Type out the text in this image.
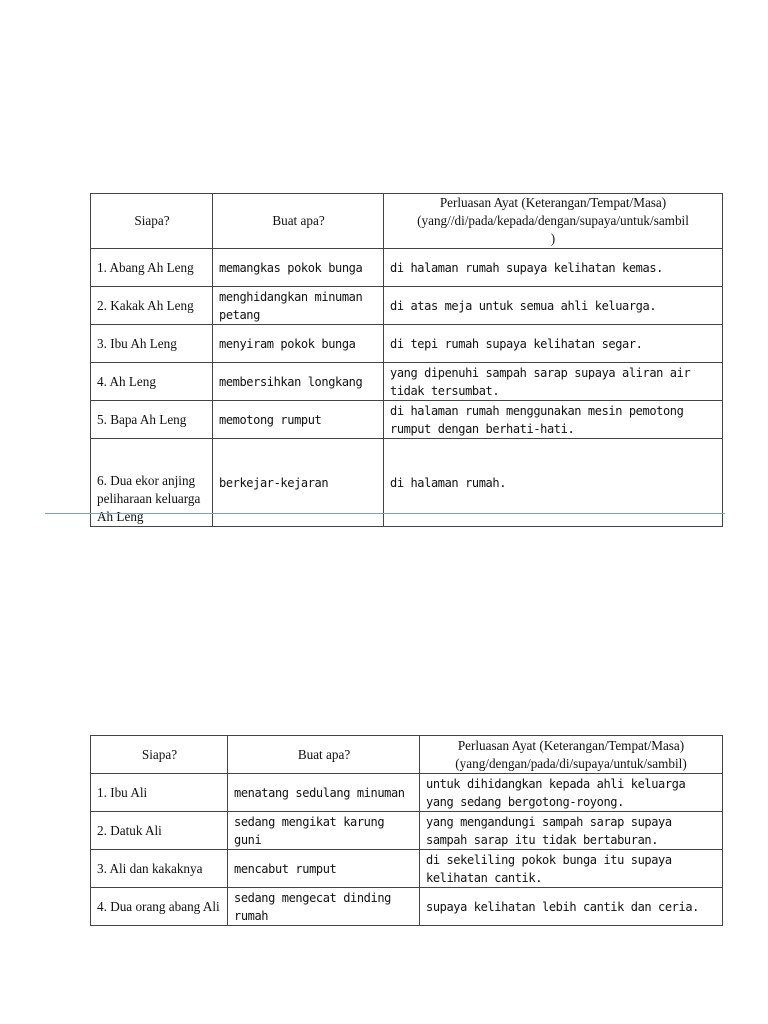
Siapa?	Buat apa?	Perluasan Ayat (Keterangan/Tempat/Masa)
(yang//di/pada/kepada/dengan/supaya/untuk/sambil
)

1. Abang Ah Leng	memangkas pokok bunga	di halaman rumah supaya kelihatan kemas.
2. Kakak Ah Leng	menghidangkan minuman petang	di atas meja untuk semua ahli keluarga.
3. Ibu Ah Leng	menyiram pokok bunga	di tepi rumah supaya kelihatan segar.
4. Ah Leng	membersihkan longkang	yang dipenuhi sampah sarap supaya aliran air tidak tersumbat.
5. Bapa Ah Leng	memotong rumput	di halaman rumah menggunakan mesin pemotong rumput dengan berhati-hati.
6. Dua ekor anjing peliharaan keluarga Ah Leng	berkejar-kejaran	di halaman rumah.
Siapa?	Buat apa?	Perluasan Ayat (Keterangan/Tempat/Masa)
(yang/dengan/pada/di/supaya/untuk/sambil)

1. Ibu Ali	menatang sedulang minuman	untuk dihidangkan kepada ahli keluarga yang sedang bergotong-royong.
2. Datuk Ali	sedang mengikat karung guni	yang mengandungi sampah sarap supaya sampah sarap itu tidak bertaburan.
3. Ali dan kakaknya	mencabut rumput	di sekeliling pokok bunga itu supaya kelihatan cantik.
4. Dua orang abang Ali	sedang mengecat dinding rumah	supaya kelihatan lebih cantik dan ceria.
